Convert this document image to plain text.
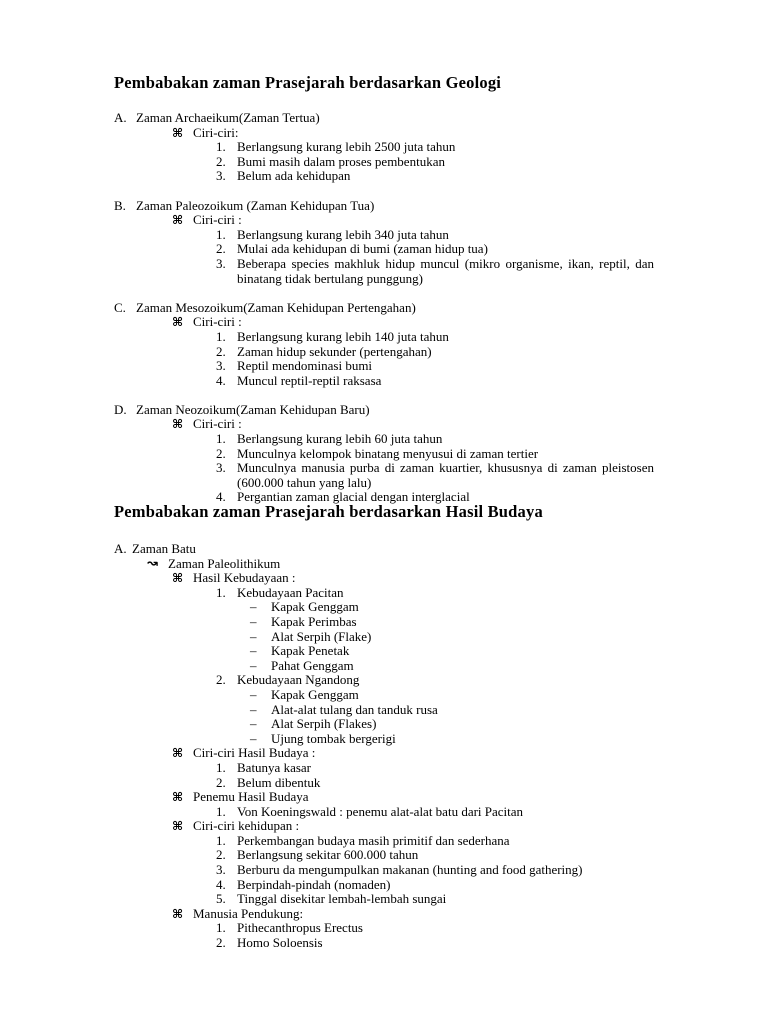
Pembabakan zaman Prasejarah berdasarkan Geologi
A. Zaman Archaeikum(Zaman Tertua)
⌘ Ciri-ciri:
1. Berlangsung kurang lebih 2500 juta tahun
2. Bumi masih dalam proses pembentukan
3. Belum ada kehidupan
B. Zaman Paleozoikum (Zaman Kehidupan Tua)
⌘ Ciri-ciri :
1. Berlangsung kurang lebih 340 juta tahun
2. Mulai ada kehidupan di bumi (zaman hidup tua)
3. Beberapa species makhluk hidup muncul (mikro organisme, ikan, reptil, dan binatang tidak bertulang punggung)
C. Zaman Mesozoikum(Zaman Kehidupan Pertengahan)
⌘ Ciri-ciri :
1. Berlangsung kurang lebih 140 juta tahun
2. Zaman hidup sekunder (pertengahan)
3. Reptil mendominasi bumi
4. Muncul reptil-reptil raksasa
D. Zaman Neozoikum(Zaman Kehidupan Baru)
⌘ Ciri-ciri :
1. Berlangsung kurang lebih 60 juta tahun
2. Munculnya kelompok binatang menyusui di zaman tertier
3. Munculnya manusia purba di zaman kuartier, khususnya di zaman pleistosen (600.000 tahun yang lalu)
4. Pergantian zaman glacial dengan interglacial
Pembabakan zaman Prasejarah berdasarkan Hasil Budaya
A. Zaman Batu
↝ Zaman Paleolithikum
⌘ Hasil Kebudayaan :
1. Kebudayaan Pacitan
– Kapak Genggam
– Kapak Perimbas
– Alat Serpih (Flake)
– Kapak Penetak
– Pahat Genggam
2. Kebudayaan Ngandong
– Kapak Genggam
– Alat-alat tulang dan tanduk rusa
– Alat Serpih (Flakes)
– Ujung tombak bergerigi
⌘ Ciri-ciri Hasil Budaya :
1. Batunya kasar
2. Belum dibentuk
⌘ Penemu Hasil Budaya
1. Von Koeningswald : penemu alat-alat batu dari Pacitan
⌘ Ciri-ciri kehidupan :
1. Perkembangan budaya masih primitif dan sederhana
2. Berlangsung sekitar 600.000 tahun
3. Berburu da mengumpulkan makanan (hunting and food gathering)
4. Berpindah-pindah (nomaden)
5. Tinggal disekitar lembah-lembah sungai
⌘ Manusia Pendukung:
1. Pithecanthropus Erectus
2. Homo Soloensis
